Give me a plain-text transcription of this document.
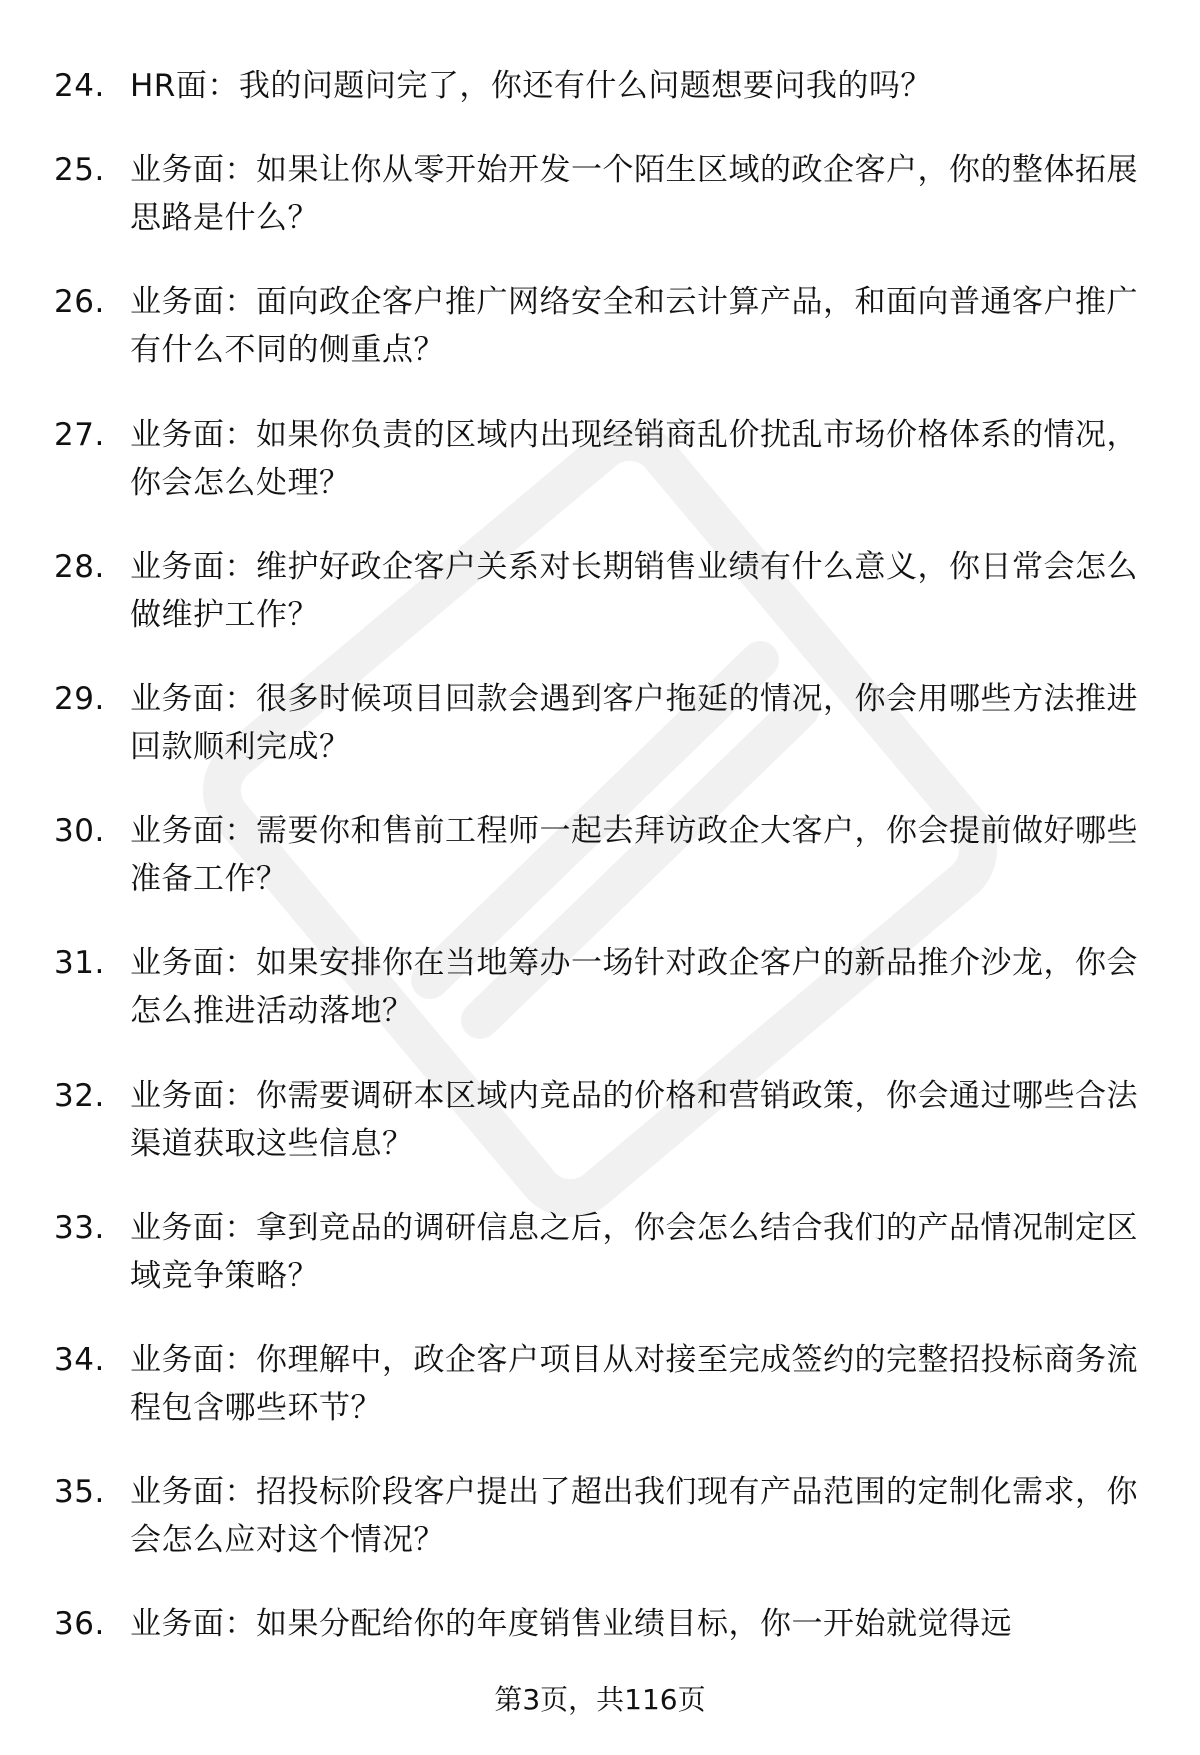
24. HR面：我的问题问完了，你还有什么问题想要问我的吗？
25. 业务面：如果让你从零开始开发一个陌生区域的政企客户，你的整体拓展思路是什么？
26. 业务面：面向政企客户推广网络安全和云计算产品，和面向普通客户推广有什么不同的侧重点？
27. 业务面：如果你负责的区域内出现经销商乱价扰乱市场价格体系的情况，你会怎么处理？
28. 业务面：维护好政企客户关系对长期销售业绩有什么意义，你日常会怎么做维护工作？
29. 业务面：很多时候项目回款会遇到客户拖延的情况，你会用哪些方法推进回款顺利完成？
30. 业务面：需要你和售前工程师一起去拜访政企大客户，你会提前做好哪些准备工作？
31. 业务面：如果安排你在当地筹办一场针对政企客户的新品推介沙龙，你会怎么推进活动落地？
32. 业务面：你需要调研本区域内竞品的价格和营销政策，你会通过哪些合法渠道获取这些信息？
33. 业务面：拿到竞品的调研信息之后，你会怎么结合我们的产品情况制定区域竞争策略？
34. 业务面：你理解中，政企客户项目从对接至完成签约的完整招投标商务流程包含哪些环节？
35. 业务面：招投标阶段客户提出了超出我们现有产品范围的定制化需求，你会怎么应对这个情况？
36. 业务面：如果分配给你的年度销售业绩目标，你一开始就觉得远
第3页，共116页
